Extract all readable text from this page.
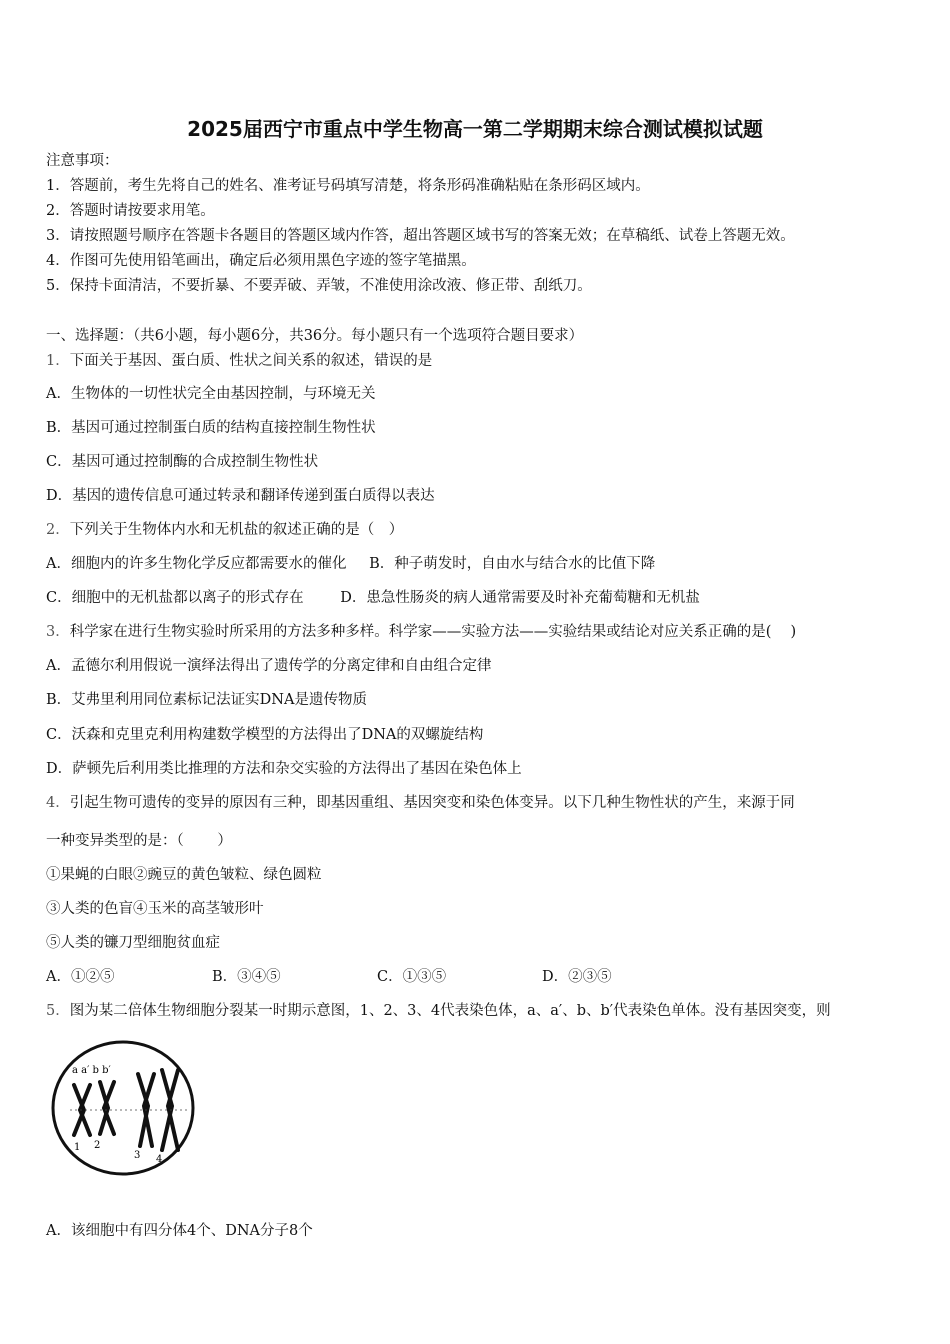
2025届西宁市重点中学生物高一第二学期期末综合测试模拟试题
注意事项：
1．答题前，考生先将自己的姓名、准考证号码填写清楚，将条形码准确粘贴在条形码区域内。
2．答题时请按要求用笔。
3．请按照题号顺序在答题卡各题目的答题区域内作答，超出答题区域书写的答案无效；在草稿纸、试卷上答题无效。
4．作图可先使用铅笔画出，确定后必须用黑色字迹的签字笔描黑。
5．保持卡面清洁，不要折暴、不要弄破、弄皱，不准使用涂改液、修正带、刮纸刀。
一、选择题：（共6小题，每小题6分，共36分。每小题只有一个选项符合题目要求）
1．下面关于基因、蛋白质、性状之间关系的叙述，错误的是
A．生物体的一切性状完全由基因控制，与环境无关
B．基因可通过控制蛋白质的结构直接控制生物性状
C．基因可通过控制酶的合成控制生物性状
D．基因的遗传信息可通过转录和翻译传递到蛋白质得以表达
2．下列关于生物体内水和无机盐的叙述正确的是（　）
A．细胞内的许多生物化学反应都需要水的催化 B．种子萌发时，自由水与结合水的比值下降
C．细胞中的无机盐都以离子的形式存在	D．患急性肠炎的病人通常需要及时补充葡萄糖和无机盐
3．科学家在进行生物实验时所采用的方法多种多样。科学家——实验方法——实验结果或结论对应关系正确的是(　 )
A．孟德尔利用假说一演绎法得出了遗传学的分离定律和自由组合定律
B．艾弗里利用同位素标记法证实DNA是遗传物质
C．沃森和克里克利用构建数学模型的方法得出了DNA的双螺旋结构
D．萨顿先后利用类比推理的方法和杂交实验的方法得出了基因在染色体上
4．引起生物可遗传的变异的原因有三种，即基因重组、基因突变和染色体变异。以下几种生物性状的产生，来源于同
一种变异类型的是：（　　 ）
①果蝇的白眼②豌豆的黄色皱粒、绿色圆粒
③人类的色盲④玉米的高茎皱形叶
⑤人类的镰刀型细胞贫血症
A．①②⑤	B．③④⑤	C．①③⑤	D．②③⑤
5．图为某二倍体生物细胞分裂某一时期示意图，1、2、3、4代表染色体，a、a′、b、b′代表染色单体。没有基因突变，则
a a′ b b′
1 2
3 4
A．该细胞中有四分体4个、DNA分子8个
